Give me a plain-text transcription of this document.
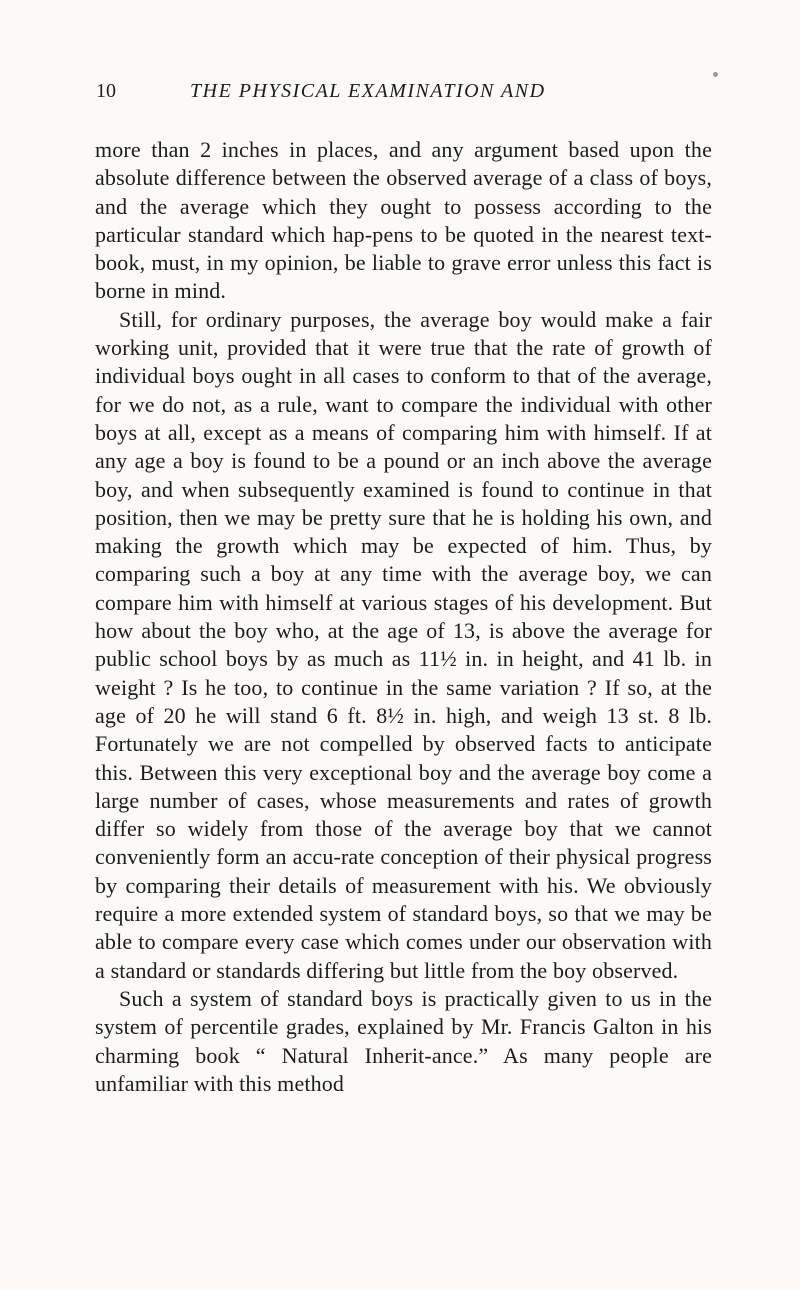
10	THE PHYSICAL EXAMINATION AND

more than 2 inches in places, and any argument based upon the absolute difference between the observed average of a class of boys, and the average which they ought to possess according to the particular standard which hap-pens to be quoted in the nearest text-book, must, in my opinion, be liable to grave error unless this fact is borne in mind.

Still, for ordinary purposes, the average boy would make a fair working unit, provided that it were true that the rate of growth of individual boys ought in all cases to conform to that of the average, for we do not, as a rule, want to compare the individual with other boys at all, except as a means of comparing him with himself. If at any age a boy is found to be a pound or an inch above the average boy, and when subsequently examined is found to continue in that position, then we may be pretty sure that he is holding his own, and making the growth which may be expected of him. Thus, by comparing such a boy at any time with the average boy, we can compare him with himself at various stages of his development. But how about the boy who, at the age of 13, is above the average for public school boys by as much as 11½ in. in height, and 41 lb. in weight ? Is he too, to continue in the same variation ? If so, at the age of 20 he will stand 6 ft. 8½ in. high, and weigh 13 st. 8 lb. Fortunately we are not compelled by observed facts to anticipate this. Between this very exceptional boy and the average boy come a large number of cases, whose measurements and rates of growth differ so widely from those of the average boy that we cannot conveniently form an accu-rate conception of their physical progress by comparing their details of measurement with his. We obviously require a more extended system of standard boys, so that we may be able to compare every case which comes under our observation with a standard or standards differing but little from the boy observed.

Such a system of standard boys is practically given to us in the system of percentile grades, explained by Mr. Francis Galton in his charming book “ Natural Inherit-ance.” As many people are unfamiliar with this method
